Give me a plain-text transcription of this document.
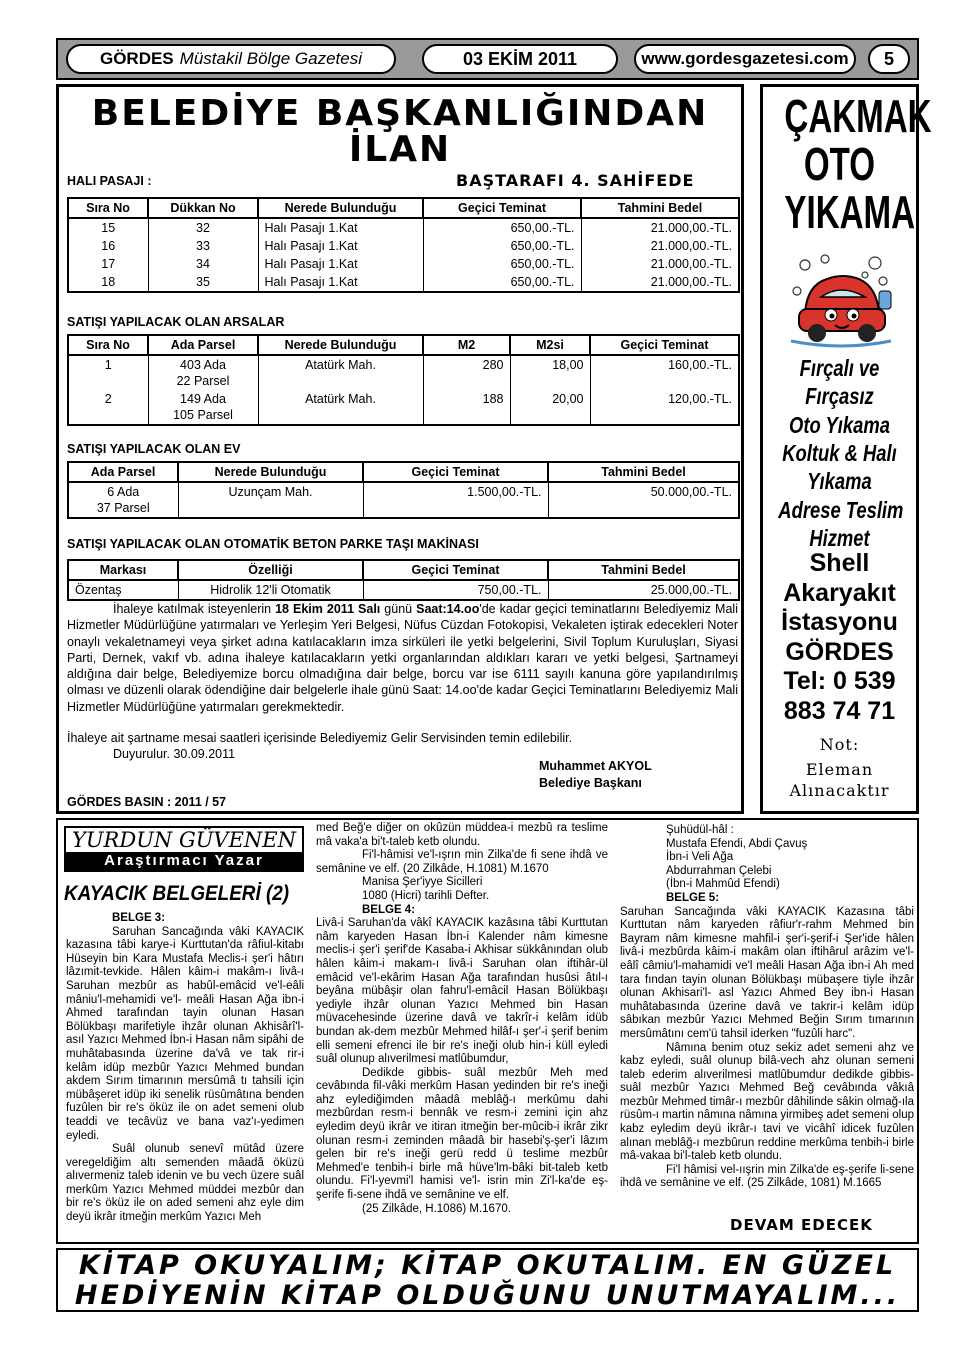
GÖRDES Müstakil Bölge Gazetesi	03 EKİM 2011	www.gordesgazetesi.com 5
BELEDİYE BAŞKANLIĞINDAN
İLAN
HALI PASAJI :	BAŞTARAFI 4. SAHİFEDE
Sıra No	Dükkan No	Nerede Bulunduğu	Geçici Teminat	Tahmini Bedel
15	32	Halı Pasajı 1.Kat	650,00.-TL.	21.000,00.-TL.
16	33	Halı Pasajı 1.Kat	650,00.-TL.	21.000,00.-TL.
17	34	Halı Pasajı 1.Kat	650,00.-TL.	21.000,00.-TL.
18	35	Halı Pasajı 1.Kat	650,00.-TL.	21.000,00.-TL.
SATIŞI YAPILACAK OLAN ARSALAR
Sıra No	Ada Parsel	Nerede Bulunduğu	M2	M2si	Geçici Teminat
1	403 Ada
22 Parsel	Atatürk Mah.	280	18,00	160,00.-TL.
2	149 Ada
105 Parsel	Atatürk Mah.	188	20,00	120,00.-TL.
SATIŞI YAPILACAK OLAN EV
Ada Parsel	Nerede Bulunduğu	Geçici Teminat	Tahmini Bedel

6 Ada
37 Parsel	Uzunçam Mah.	1.500,00.-TL.	50.000,00.-TL.
SATIŞI YAPILACAK OLAN OTOMATİK BETON PARKE TAŞI MAKİNASI
Markası	Özelliği	Geçici Teminat	Tahmini Bedel
Özentaş	Hidrolik 12'li Otomatik	750,00.-TL.	25.000,00.-TL.
İhaleye katılmak isteyenlerin 18 Ekim 2011 Salı günü Saat:14.oo'de kadar geçici teminatlarını Belediyemiz Mali Hizmetler Müdürlüğüne yatırmaları ve Yerleşim Yeri Belgesi, Nüfus Cüzdan Fotokopisi, Vekaleten iştirak edecekleri Noter onaylı vekaletnameyi veya şirket adına katılacakların imza sirküleri ile yetki belgelerini, Sivil Toplum Kuruluşları, Siyasi Parti, Dernek, vakıf vb. adına ihaleye katılacakların yetki organlarından aldıkları kararı ve yetki belgesi, Şartnameyi aldığına dair belge, Belediyemize borcu olmadığına dair belge, borcu var ise 6111 sayılı kanuna göre yapılandırılmış olması ve düzenli olarak ödendiğine dair belgelerle ihale günü Saat: 14.oo'de kadar Geçici Teminatlarını Belediyemiz Mali Hizmetler Müdürlüğüne yatırmaları gerekmektedir.
İhaleye ait şartname mesai saatleri içerisinde Belediyemiz Gelir Servisinden temin edilebilir.
Duyurulur. 30.09.2011
Muhammet AKYOL
Belediye Başkanı
GÖRDES BASIN : 2011 / 57
ÇAKMAK
OTO
YIKAMA
Fırçalı ve
Fırçasız
Oto Yıkama
Koltuk & Halı
Yıkama
Adrese Teslim
Hizmet
Shell
Akaryakıt
İstasyonu
GÖRDES
Tel: 0 539
883 74 71
Not:
Eleman
Alınacaktır
YURDUN GÜVENEN
Araştırmacı Yazar
KAYACIK BELGELERİ (2)

BELGE 3:

Saruhan Sancağında vâki KAYACIK kazasına tâbi karye-i Kurttutan'da râfiul-kitabı Hüseyin bin Kara Mustafa Meclis-i şer'i hâtırı lâzımit-tevkide. Hâlen kâim-i makâm-ı livâ-ı Saruhan mezbûr as habûl-emâcid ve'l-eâli mâniu'l-mehamidi ve'l- meâli Hasan Ağa ibn-i Ahmed tarafından tayin olunan Hasan Bölükbaşı marifetiyle ihzâr olunan Akhisârî'l-asıl Yazıcı Mehmed İbn-i Hasan nâm sipâhi de muhâtabasında üzerine da'vâ ve tak rir-i kelâm idüp mezbûr Yazıcı Mehmed bundan akdem Sırım timarının mersûmâ tı tahsili için mübâşeret idüp iki senelik rüsûmâtına benden fuzûlen bir re's öküz ile on adet semeni olub teaddi ve tecâvüz ve bana vaz'ı-yedimen eyledi.

Suâl olunub senevî mütâd üzere veregeldiğim altı semenden mâadâ öküzü alıvermeniz taleb idenin ve bu vech üzere suâl merkûm Yazıcı Mehmed müddei mezbûr dan bir re's öküz ile on aded semeni ahz eyle dim deyü ikrâr itmeğin merkûm Yazıcı Meh

med Beğ'e diğer on okûzün müddea-i mezbû ra teslime mâ vaka'a bi't-taleb ketb olundu.

Fi'l-hâmisi ve'l-ışrın min Zilka'de fi sene ihdâ ve semânine ve elf. (20 Zilkâde, H.1081) M.1670

Manisa Şer'iyye Sicilleri

1080 (Hicri) tarihli Defter.

BELGE 4:

Livâ-i Saruhan'da vâkî KAYACIK kazâsına tâbi Kurttutan nâm karyeden Hasan İbn-i Kalender nâm kimesne meclis-i şer'i şerif'de Kasaba-i Akhisar sükkânından olub hâlen kâim-i makam-ı livâ-i Saruhan olan iftihâr-ül emâcid ve'l-ekârim Hasan Ağa tarafından husûsi âtıl-ı beyâna mübâşir olan fahru'l-emâcil Hasan Bölükbaşı yediyle ihzâr olunan Yazıcı Mehmed bin Hasan müvacehesinde üzerine davâ ve takrîr-i kelâm idüb bundan ak-dem mezbûr Mehmed hilâf-ı şer'-i şerif benim elli semeni efrenci ile bir re's ineği olub hin-i küll eyledi suâl olunup alıverilmesi matlûbumdur,

Dedikde gibbis- suâl mezbûr Meh med cevâbında fil-vâki merkûm Hasan yedinden bir re's ineği ahz eylediğimden mâadâ meblâğ-ı merkûmu dahi mezbûrdan resm-i bennâk ve resm-i zemini için ahz eyledim deyü ikrâr ve itiran itmeğin ber-mûcib-i ikrâr zikr olunan resm-i zeminden mâadâ bir hasebi'ş-şer'i lâzım gelen bir re's ineği gerü redd ü teslime mezbûr Mehmed'e tenbih-i birle mâ hüve'lm-bâki bit-taleb ketb olundu. Fi'l-yevmi'l hamisi ve'l- isrin min Zi'l-ka'de eş-şerife fi-sene ihdâ ve semânine ve elf.

(25 Zilkâde, H.1086) M.1670.

Şuhüdül-hâl :

Mustafa Efendi, Abdi Çavuş

İbn-i Veli Ağa

Abdurrahman Çelebi

(İbn-i Mahmûd Efendi)

BELGE 5:

Saruhan Sancağında vâki KAYACIK Kazasına tâbi Kurttutan nâm karyeden râfiur'r-rahm Mehmed bin Bayram nâm kimesne mahfil-i şer'i-şerif-i Şer'ide hâlen livâ-i mezbûrda kâim-i makâm olan iftihârul arâzim ve'l-eâlî câmiu'l-mahamidi ve'l meâli Hasan Ağa ibn-i Ah med tara fından tayin olunan Bölükbaşı mübaşere tiyle ihzâr olunan Akhisari'l- asl Yazıcı Ahmed Bey ibn-i Hasan muhâtabasında üzerine davâ ve takrir-i kelâm idüp sâbıkan mezbûr Yazıcı Mehmed Beğin Sırım tımarının mersûmâtını cem'ü tahsil iderken "fuzûli harc".

Nâmına benim otuz sekiz adet semeni ahz ve kabz eyledi, suâl olunup bilâ-vech ahz olunan semeni taleb ederim alıverilmesi matlûbumdur dedikde gibbis-suâl mezbûr Yazıcı Mehmed Beğ cevâbında vâkıâ mezbûr Mehmed timâr-ı mezbûr dâhilinde sâkin olmağ-ıla rüsûm-ı martin nâmına nâmına yirmibeş adet semeni olup kabz eyledim deyü ikrâr-ı tavi ve vicâhî idicek fuzûlen alınan meblâğ-ı mezbûrun reddine merkûma tenbih-i birle mâ-vakaa bi'l-taleb ketb olundu.

Fi'l hâmisi vel-ıışrin min Zilka'de eş-şerife li-sene ihdâ ve semânine ve elf. (25 Zilkâde, 1081) M.1665

DEVAM EDECEK
KİTAP OKUYALIM; KİTAP OKUTALIM. EN GÜZEL
HEDİYENİN KİTAP OLDUĞUNU UNUTMAYALIM...
